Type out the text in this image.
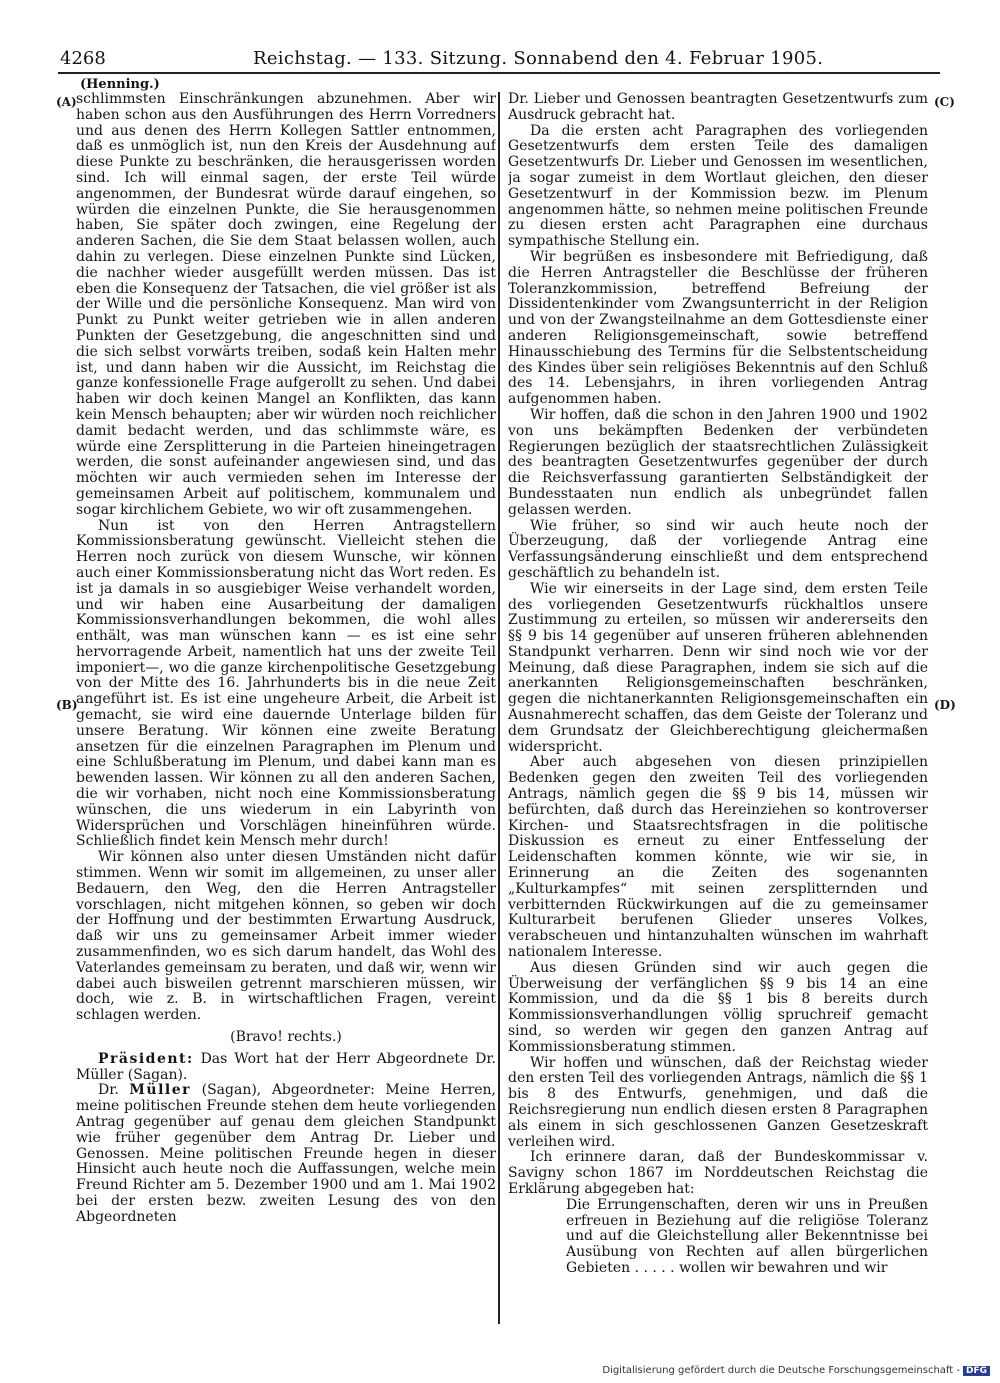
4268	Reichstag. — 133. Sitzung. Sonnabend den 4. Februar 1905.
(Henning.)
(A)
(B)
(C)
(D)

schlimmsten Einschränkungen abzunehmen. Aber wir haben schon aus den Ausführungen des Herrn Vorredners und aus denen des Herrn Kollegen Sattler entnommen, daß es unmöglich ist, nun den Kreis der Ausdehnung auf diese Punkte zu beschränken, die herausgerissen worden sind. Ich will einmal sagen, der erste Teil würde angenommen, der Bundesrat würde darauf eingehen, so würden die einzelnen Punkte, die Sie herausgenommen haben, Sie später doch zwingen, eine Regelung der anderen Sachen, die Sie dem Staat belassen wollen, auch dahin zu verlegen. Diese einzelnen Punkte sind Lücken, die nachher wieder ausgefüllt werden müssen. Das ist eben die Konsequenz der Tatsachen, die viel größer ist als der Wille und die persönliche Konsequenz. Man wird von Punkt zu Punkt weiter getrieben wie in allen anderen Punkten der Gesetzgebung, die angeschnitten sind und die sich selbst vorwärts treiben, sodaß kein Halten mehr ist, und dann haben wir die Aussicht, im Reichstag die ganze konfessionelle Frage aufgerollt zu sehen. Und dabei haben wir doch keinen Mangel an Konflikten, das kann kein Mensch behaupten; aber wir würden noch reichlicher damit bedacht werden, und das schlimmste wäre, es würde eine Zersplitterung in die Parteien hineingetragen werden, die sonst aufeinander angewiesen sind, und das möchten wir auch vermieden sehen im Interesse der gemeinsamen Arbeit auf politischem, kommunalem und sogar kirchlichem Gebiete, wo wir oft zusammengehen.

Nun ist von den Herren Antragstellern Kommissionsberatung gewünscht. Vielleicht stehen die Herren noch zurück von diesem Wunsche, wir können auch einer Kommissionsberatung nicht das Wort reden. Es ist ja damals in so ausgiebiger Weise verhandelt worden, und wir haben eine Ausarbeitung der damaligen Kommissionsverhandlungen bekommen, die wohl alles enthält, was man wünschen kann — es ist eine sehr hervorragende Arbeit, namentlich hat uns der zweite Teil imponiert—, wo die ganze kirchenpolitische Gesetzgebung von der Mitte des 16. Jahrhunderts bis in die neue Zeit angeführt ist. Es ist eine ungeheure Arbeit, die Arbeit ist gemacht, sie wird eine dauernde Unterlage bilden für unsere Beratung. Wir können eine zweite Beratung ansetzen für die einzelnen Paragraphen im Plenum und eine Schlußberatung im Plenum, und dabei kann man es bewenden lassen. Wir können zu all den anderen Sachen, die wir vorhaben, nicht noch eine Kommissionsberatung wünschen, die uns wiederum in ein Labyrinth von Widersprüchen und Vorschlägen hineinführen würde. Schließlich findet kein Mensch mehr durch!

Wir können also unter diesen Umständen nicht dafür stimmen. Wenn wir somit im allgemeinen, zu unser aller Bedauern, den Weg, den die Herren Antragsteller vorschlagen, nicht mitgehen können, so geben wir doch der Hoffnung und der bestimmten Erwartung Ausdruck, daß wir uns zu gemeinsamer Arbeit immer wieder zusammenfinden, wo es sich darum handelt, das Wohl des Vaterlandes gemeinsam zu beraten, und daß wir, wenn wir dabei auch bisweilen getrennt marschieren müssen, wir doch, wie z. B. in wirtschaftlichen Fragen, vereint schlagen werden.

(Bravo! rechts.)

Präsident: Das Wort hat der Herr Abgeordnete Dr. Müller (Sagan).

Dr. Müller (Sagan), Abgeordneter: Meine Herren, meine politischen Freunde stehen dem heute vorliegenden Antrag gegenüber auf genau dem gleichen Standpunkt wie früher gegenüber dem Antrag Dr. Lieber und Genossen. Meine politischen Freunde hegen in dieser Hinsicht auch heute noch die Auffassungen, welche mein Freund Richter am 5. Dezember 1900 und am 1. Mai 1902 bei der ersten bezw. zweiten Lesung des von den Abgeordneten

Dr. Lieber und Genossen beantragten Gesetzentwurfs zum Ausdruck gebracht hat.

Da die ersten acht Paragraphen des vorliegenden Gesetzentwurfs dem ersten Teile des damaligen Gesetzentwurfs Dr. Lieber und Genossen im wesentlichen, ja sogar zumeist in dem Wortlaut gleichen, den dieser Gesetzentwurf in der Kommission bezw. im Plenum angenommen hätte, so nehmen meine politischen Freunde zu diesen ersten acht Paragraphen eine durchaus sympathische Stellung ein.

Wir begrüßen es insbesondere mit Befriedigung, daß die Herren Antragsteller die Beschlüsse der früheren Toleranzkommission, betreffend Befreiung der Dissidentenkinder vom Zwangsunterricht in der Religion und von der Zwangsteilnahme an dem Gottesdienste einer anderen Religionsgemeinschaft, sowie betreffend Hinausschiebung des Termins für die Selbstentscheidung des Kindes über sein religiöses Bekenntnis auf den Schluß des 14. Lebensjahrs, in ihren vorliegenden Antrag aufgenommen haben.

Wir hoffen, daß die schon in den Jahren 1900 und 1902 von uns bekämpften Bedenken der verbündeten Regierungen bezüglich der staatsrechtlichen Zulässigkeit des beantragten Gesetzentwurfes gegenüber der durch die Reichsverfassung garantierten Selbständigkeit der Bundesstaaten nun endlich als unbegründet fallen gelassen werden.

Wie früher, so sind wir auch heute noch der Überzeugung, daß der vorliegende Antrag eine Verfassungsänderung einschließt und dem entsprechend geschäftlich zu behandeln ist.

Wie wir einerseits in der Lage sind, dem ersten Teile des vorliegenden Gesetzentwurfs rückhaltlos unsere Zustimmung zu erteilen, so müssen wir andererseits den §§ 9 bis 14 gegenüber auf unseren früheren ablehnenden Standpunkt verharren. Denn wir sind noch wie vor der Meinung, daß diese Paragraphen, indem sie sich auf die anerkannten Religionsgemeinschaften beschränken, gegen die nichtanerkannten Religionsgemeinschaften ein Ausnahmerecht schaffen, das dem Geiste der Toleranz und dem Grundsatz der Gleichberechtigung gleichermaßen widerspricht.

Aber auch abgesehen von diesen prinzipiellen Bedenken gegen den zweiten Teil des vorliegenden Antrags, nämlich gegen die §§ 9 bis 14, müssen wir befürchten, daß durch das Hereinziehen so kontroverser Kirchen- und Staatsrechtsfragen in die politische Diskussion es erneut zu einer Entfesselung der Leidenschaften kommen könnte, wie wir sie, in Erinnerung an die Zeiten des sogenannten „Kulturkampfes“ mit seinen zersplitternden und verbitternden Rückwirkungen auf die zu gemeinsamer Kulturarbeit berufenen Glieder unseres Volkes, verabscheuen und hintanzuhalten wünschen im wahrhaft nationalem Interesse.

Aus diesen Gründen sind wir auch gegen die Überweisung der verfänglichen §§ 9 bis 14 an eine Kommission, und da die §§ 1 bis 8 bereits durch Kommissionsverhandlungen völlig spruchreif gemacht sind, so werden wir gegen den ganzen Antrag auf Kommissionsberatung stimmen.

Wir hoffen und wünschen, daß der Reichstag wieder den ersten Teil des vorliegenden Antrags, nämlich die §§ 1 bis 8 des Entwurfs, genehmigen, und daß die Reichsregierung nun endlich diesen ersten 8 Paragraphen als einem in sich geschlossenen Ganzen Gesetzeskraft verleihen wird.

Ich erinnere daran, daß der Bundeskommissar v. Savigny schon 1867 im Norddeutschen Reichstag die Erklärung abgegeben hat:

Die Errungenschaften, deren wir uns in Preußen erfreuen in Beziehung auf die religiöse Toleranz und auf die Gleichstellung aller Bekenntnisse bei Ausübung von Rechten auf allen bürgerlichen Gebieten . . . . . wollen wir bewahren und wir

Digitalisierung gefördert durch die Deutsche Forschungsgemeinschaft - DFG
